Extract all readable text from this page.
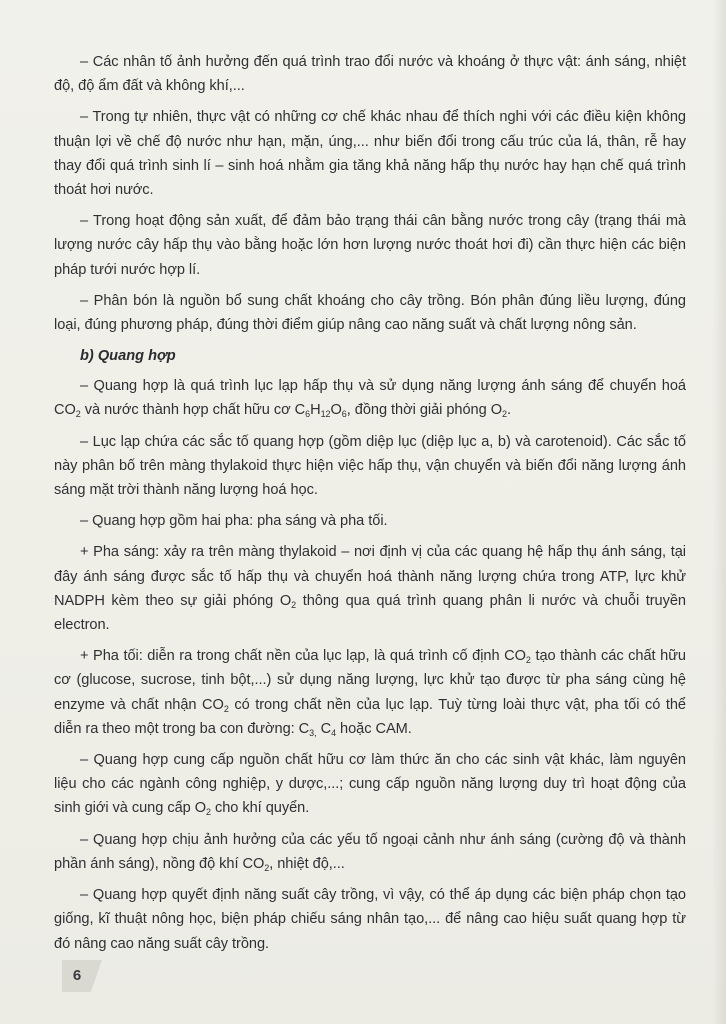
– Các nhân tố ảnh hưởng đến quá trình trao đổi nước và khoáng ở thực vật: ánh sáng, nhiệt độ, độ ẩm đất và không khí,...

– Trong tự nhiên, thực vật có những cơ chế khác nhau để thích nghi với các điều kiện không thuận lợi về chế độ nước như hạn, mặn, úng,... như biến đổi trong cấu trúc của lá, thân, rễ hay thay đổi quá trình sinh lí – sinh hoá nhằm gia tăng khả năng hấp thụ nước hay hạn chế quá trình thoát hơi nước.

– Trong hoạt động sản xuất, để đảm bảo trạng thái cân bằng nước trong cây (trạng thái mà lượng nước cây hấp thụ vào bằng hoặc lớn hơn lượng nước thoát hơi đi) cần thực hiện các biện pháp tưới nước hợp lí.

– Phân bón là nguồn bổ sung chất khoáng cho cây trồng. Bón phân đúng liều lượng, đúng loại, đúng phương pháp, đúng thời điểm giúp nâng cao năng suất và chất lượng nông sản.

b) Quang hợp

– Quang hợp là quá trình lục lạp hấp thụ và sử dụng năng lượng ánh sáng để chuyển hoá $CO_2$ và nước thành hợp chất hữu cơ $C_6H_{12}O_6$, đồng thời giải phóng $O_2$.

– Lục lạp chứa các sắc tố quang hợp (gồm diệp lục (diệp lục a, b) và carotenoid). Các sắc tố này phân bố trên màng thylakoid thực hiện việc hấp thụ, vận chuyển và biến đổi năng lượng ánh sáng mặt trời thành năng lượng hoá học.

– Quang hợp gồm hai pha: pha sáng và pha tối.

+ Pha sáng: xảy ra trên màng thylakoid – nơi định vị của các quang hệ hấp thụ ánh sáng, tại đây ánh sáng được sắc tố hấp thụ và chuyển hoá thành năng lượng chứa trong ATP, lực khử NADPH kèm theo sự giải phóng $O_2$ thông qua quá trình quang phân li nước và chuỗi truyền electron.

+ Pha tối: diễn ra trong chất nền của lục lạp, là quá trình cố định $CO_2$ tạo thành các chất hữu cơ (glucose, sucrose, tinh bột,...) sử dụng năng lượng, lực khử tạo được từ pha sáng cùng hệ enzyme và chất nhận $CO_2$ có trong chất nền của lục lạp. Tuỳ từng loài thực vật, pha tối có thể diễn ra theo một trong ba con đường: $C_{3,}$ $C_4$ hoặc CAM.

– Quang hợp cung cấp nguồn chất hữu cơ làm thức ăn cho các sinh vật khác, làm nguyên liệu cho các ngành công nghiệp, y dược,...; cung cấp nguồn năng lượng duy trì hoạt động của sinh giới và cung cấp $O_2$ cho khí quyển.

– Quang hợp chịu ảnh hưởng của các yếu tố ngoại cảnh như ánh sáng (cường độ và thành phần ánh sáng), nồng độ khí $CO_2$, nhiệt độ,...

– Quang hợp quyết định năng suất cây trồng, vì vậy, có thể áp dụng các biện pháp chọn tạo giống, kĩ thuật nông học, biện pháp chiếu sáng nhân tạo,... để nâng cao hiệu suất quang hợp từ đó nâng cao năng suất cây trồng.

6
